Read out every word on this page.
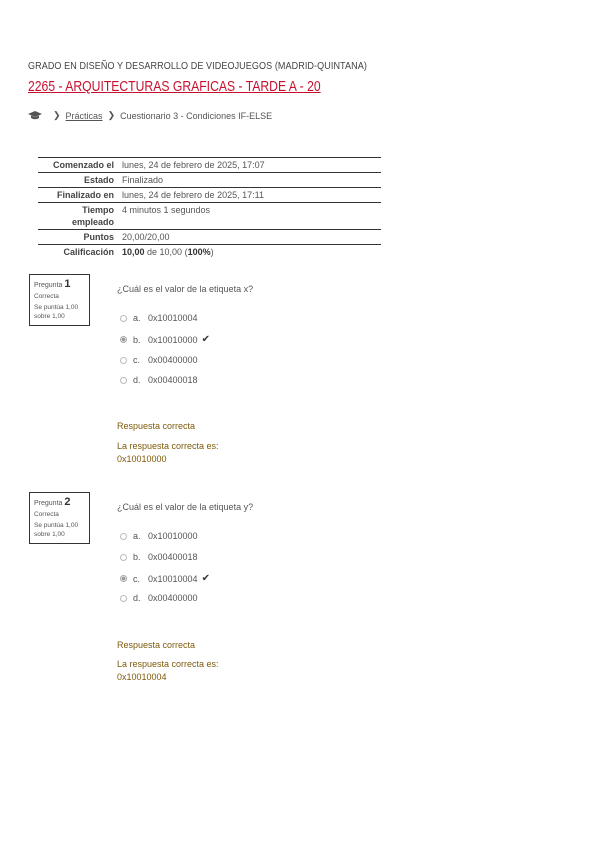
GRADO EN DISEÑO Y DESARROLLO DE VIDEOJUEGOS (MADRID-QUINTANA)
2265 - ARQUITECTURAS GRAFICAS - TARDE A - 20
❯ Prácticas ❯ Cuestionario 3 - Condiciones IF-ELSE
Comenzado el lunes, 24 de febrero de 2025, 17:07
Estado Finalizado
Finalizado en lunes, 24 de febrero de 2025, 17:11
Tiempo empleado
4 minutos 1 segundos
Puntos 20,00/20,00
Calificación 10,00 de 10,00 (100%)
Pregunta 1
Correcta
Se puntúa 1,00 sobre 1,00
¿Cuál es el valor de la etiqueta x?
a. 0x10010004
b. 0x10010000 ✔
c. 0x00400000
d. 0x00400018
Respuesta correcta
La respuesta correcta es:
0x10010000
Pregunta 2
Correcta
Se puntúa 1,00 sobre 1,00
¿Cuál es el valor de la etiqueta y?
a. 0x10010000
b. 0x00400018
c. 0x10010004 ✔
d. 0x00400000
Respuesta correcta
La respuesta correcta es:
0x10010004
